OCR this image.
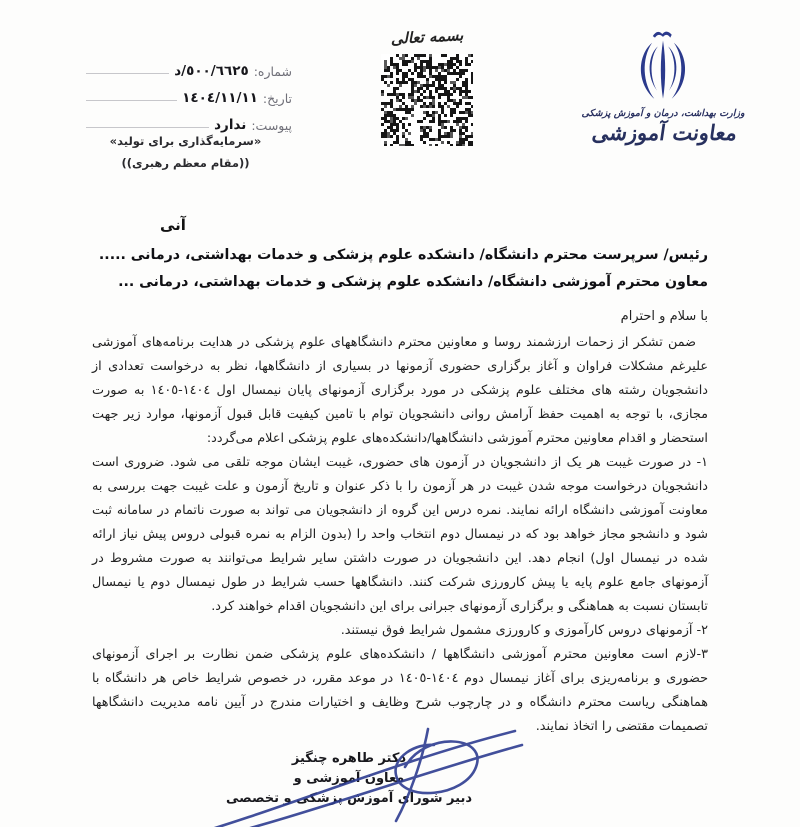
شماره:
٥٠٠/٦٦٢٥/د
تاریخ:
١٤٠٤/١١/١١
پیوست:
ندارد
«سرمایه‌گذاری برای تولید»
((مقام معظم رهبری))
بسمه تعالی
وزارت بهداشت، درمان و آموزش پزشکی
معاونت آموزشی
آنی

رئیس/ سرپرست محترم دانشگاه/ دانشکده علوم پزشکی و خدمات بهداشتی، درمانی .....

معاون محترم آموزشی دانشگاه/ دانشکده علوم پزشکی و خدمات بهداشتی، درمانی ...

با سلام و احترام

ضمن تشکر از زحمات ارزشمند روسا و معاونین محترم دانشگاههای علوم پزشکی در هدایت برنامه‌های آموزشی علیرغم مشکلات فراوان و آغاز برگزاری حضوری آزمونها در بسیاری از دانشگاهها، نظر به درخواست تعدادی از دانشجویان رشته های مختلف علوم پزشکی در مورد برگزاری آزمونهای پایان نیمسال اول ١٤٠٤-١٤٠٥ به صورت مجازی، با توجه به اهمیت حفظ آرامش روانی دانشجویان توام با تامین کیفیت قابل قبول آزمونها، موارد زیر جهت استحضار و اقدام معاونین محترم آموزشی دانشگاهها/دانشکده‌های علوم پزشکی اعلام می‌گردد:

١- در صورت غیبت هر یک از دانشجویان در آزمون های حضوری، غیبت ایشان موجه تلقی می شود. ضروری است دانشجویان درخواست موجه شدن غیبت در هر آزمون را با ذکر عنوان و تاریخ آزمون و علت غیبت جهت بررسی به معاونت آموزشی دانشگاه ارائه نمایند. نمره درس این گروه از دانشجویان می تواند به صورت ناتمام در سامانه ثبت شود و دانشجو مجاز خواهد بود که در نیمسال دوم انتخاب واحد را (بدون الزام به نمره قبولی دروس پیش نیاز ارائه شده در نیمسال اول) انجام دهد. این دانشجویان در صورت داشتن سایر شرایط می‌توانند به صورت مشروط در آزمونهای جامع علوم پایه یا پیش کارورزی شرکت کنند. دانشگاهها حسب شرایط در طول نیمسال دوم یا نیمسال تابستان نسبت به هماهنگی و برگزاری آزمونهای جبرانی برای این دانشجویان اقدام خواهند کرد.

٢- آزمونهای دروس کارآموزی و کارورزی مشمول شرایط فوق نیستند.

٣-لازم است معاونین محترم آموزشی دانشگاهها / دانشکده‌های علوم پزشکی ضمن نظارت بر اجرای آزمونهای حضوری و برنامه‌ریزی برای آغاز نیمسال دوم ١٤٠٤-١٤٠٥ در موعد مقرر، در خصوص شرایط خاص هر دانشگاه با هماهنگی ریاست محترم دانشگاه و در چارچوب شرح وظایف و اختیارات مندرج در آیین نامه مدیریت دانشگاهها تصمیمات مقتضی را اتخاذ نمایند.

دکتر طاهره چنگیز
معاون آموزشی و
دبیر شورای آموزش پزشکی و تخصصی
